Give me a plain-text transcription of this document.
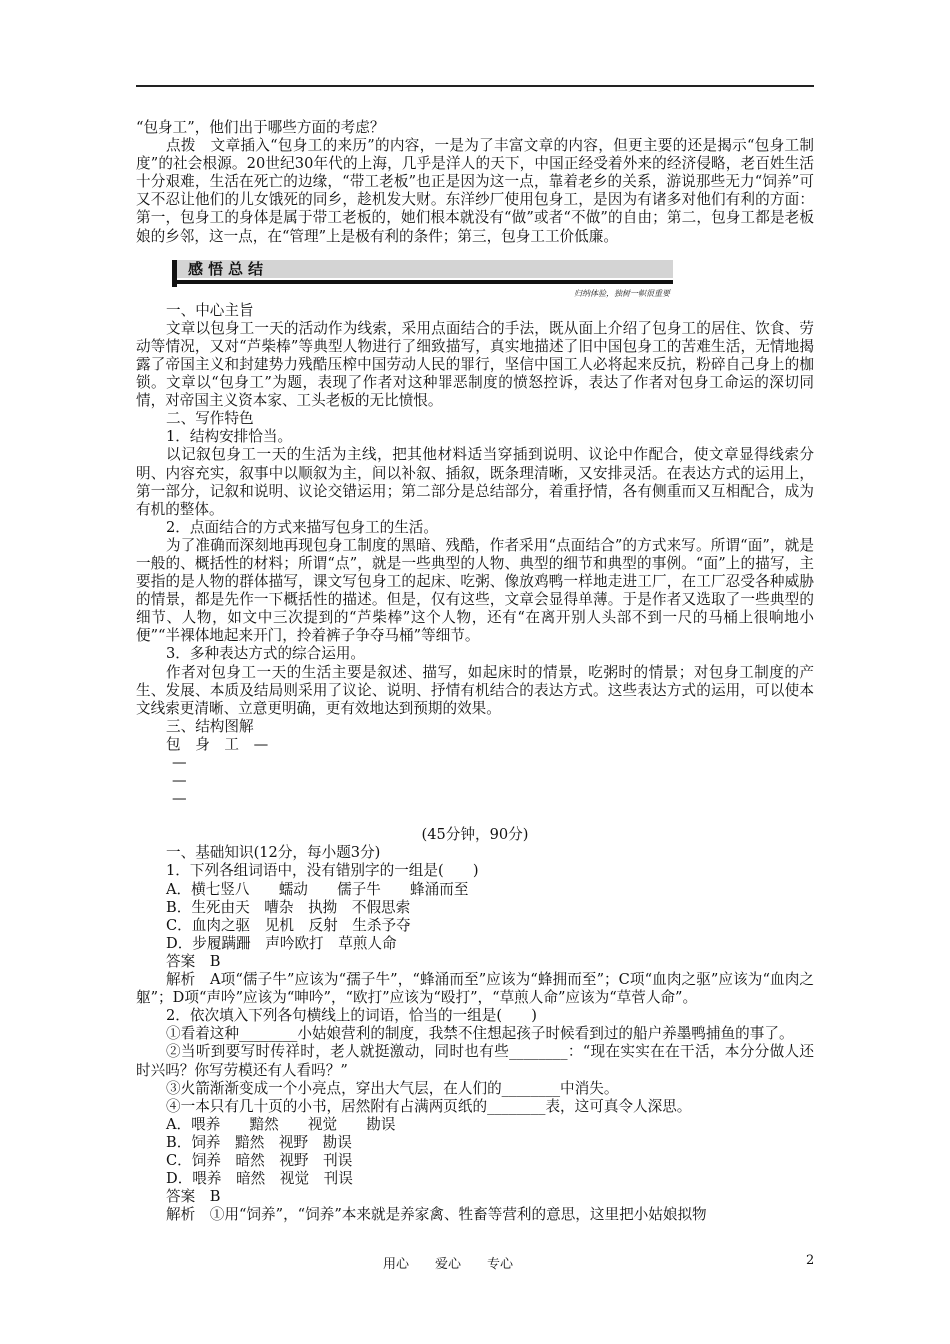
“包身工”，他们出于哪些方面的考虑？

点拨　文章插入“包身工的来历”的内容，一是为了丰富文章的内容，但更主要的还是揭示“包身工制度”的社会根源。20世纪30年代的上海，几乎是洋人的天下，中国正经受着外来的经济侵略，老百姓生活十分艰难，生活在死亡的边缘，“带工老板”也正是因为这一点，靠着老乡的关系，游说那些无力“饲养”可又不忍让他们的儿女饿死的同乡，趁机发大财。东洋纱厂使用包身工，是因为有诸多对他们有利的方面：第一，包身工的身体是属于带工老板的，她们根本就没有“做”或者“不做”的自由；第二，包身工都是老板娘的乡邻，这一点，在“管理”上是极有利的条件；第三，包身工工价低廉。

感悟总结
归纳体验，独树一帜很重要

一、中心主旨

文章以包身工一天的活动作为线索，采用点面结合的手法，既从面上介绍了包身工的居住、饮食、劳动等情况，又对“芦柴棒”等典型人物进行了细致描写，真实地描述了旧中国包身工的苦难生活，无情地揭露了帝国主义和封建势力残酷压榨中国劳动人民的罪行，坚信中国工人必将起来反抗，粉碎自己身上的枷锁。文章以“包身工”为题，表现了作者对这种罪恶制度的愤怒控诉，表达了作者对包身工命运的深切同情，对帝国主义资本家、工头老板的无比愤恨。

二、写作特色

1．结构安排恰当。

以记叙包身工一天的生活为主线，把其他材料适当穿插到说明、议论中作配合，使文章显得线索分明、内容充实，叙事中以顺叙为主，间以补叙、插叙，既条理清晰，又安排灵活。在表达方式的运用上，第一部分，记叙和说明、议论交错运用；第二部分是总结部分，着重抒情，各有侧重而又互相配合，成为有机的整体。

2．点面结合的方式来描写包身工的生活。

为了准确而深刻地再现包身工制度的黑暗、残酷，作者采用“点面结合”的方式来写。所谓“面”，就是一般的、概括性的材料；所谓“点”，就是一些典型的人物、典型的细节和典型的事例。“面”上的描写，主要指的是人物的群体描写，课文写包身工的起床、吃粥、像放鸡鸭一样地走进工厂，在工厂忍受各种威胁的情景，都是先作一下概括性的描述。但是，仅有这些，文章会显得单薄。于是作者又选取了一些典型的细节、人物，如文中三次提到的“芦柴棒”这个人物，还有“在离开别人头部不到一尺的马桶上很响地小便”“半裸体地起来开门，拎着裤子争夺马桶”等细节。

3．多种表达方式的综合运用。

作者对包身工一天的生活主要是叙述、描写，如起床时的情景，吃粥时的情景；对包身工制度的产生、发展、本质及结局则采用了议论、说明、抒情有机结合的表达方式。这些表达方式的运用，可以使本文线索更清晰、立意更明确，更有效地达到预期的效果。

三、结构图解

包　身　工　—

—

—

—

(45分钟，90分)

一、基础知识(12分，每小题3分)

1．下列各组词语中，没有错别字的一组是(　　)

A．横七竖八　　蠕动　　儒子牛　　蜂涌而至

B．生死由天　嘈杂　执拗　不假思索

C．血肉之驱　见机　反射　生杀予夺

D．步履蹒跚　声吟欧打　草煎人命

答案　B

解析　A项“儒子牛”应该为“孺子牛”，“蜂涌而至”应该为“蜂拥而至”；C项“血肉之驱”应该为“血肉之躯”；D项“声吟”应该为“呻吟”，“欧打”应该为“殴打”，“草煎人命”应该为“草菅人命”。

2．依次填入下列各句横线上的词语，恰当的一组是(　　)

①看着这种________小姑娘营利的制度，我禁不住想起孩子时候看到过的船户养墨鸭捕鱼的事了。

②当听到要写时传祥时，老人就挺激动，同时也有些________：“现在实实在在干活，本分分做人还时兴吗？你写劳模还有人看吗？”

③火箭渐渐变成一个小亮点，穿出大气层，在人们的________中消失。

④一本只有几十页的小书，居然附有占满两页纸的________表，这可真令人深思。

A．喂养　　黯然　　视觉　　勘误

B．饲养　黯然　视野　勘误

C．饲养　暗然　视野　刊误

D．喂养　暗然　视觉　刊误

答案　B

解析　①用“饲养”，“饲养”本来就是养家禽、牲畜等营利的意思，这里把小姑娘拟物

用心　　爱心　　专心	2
